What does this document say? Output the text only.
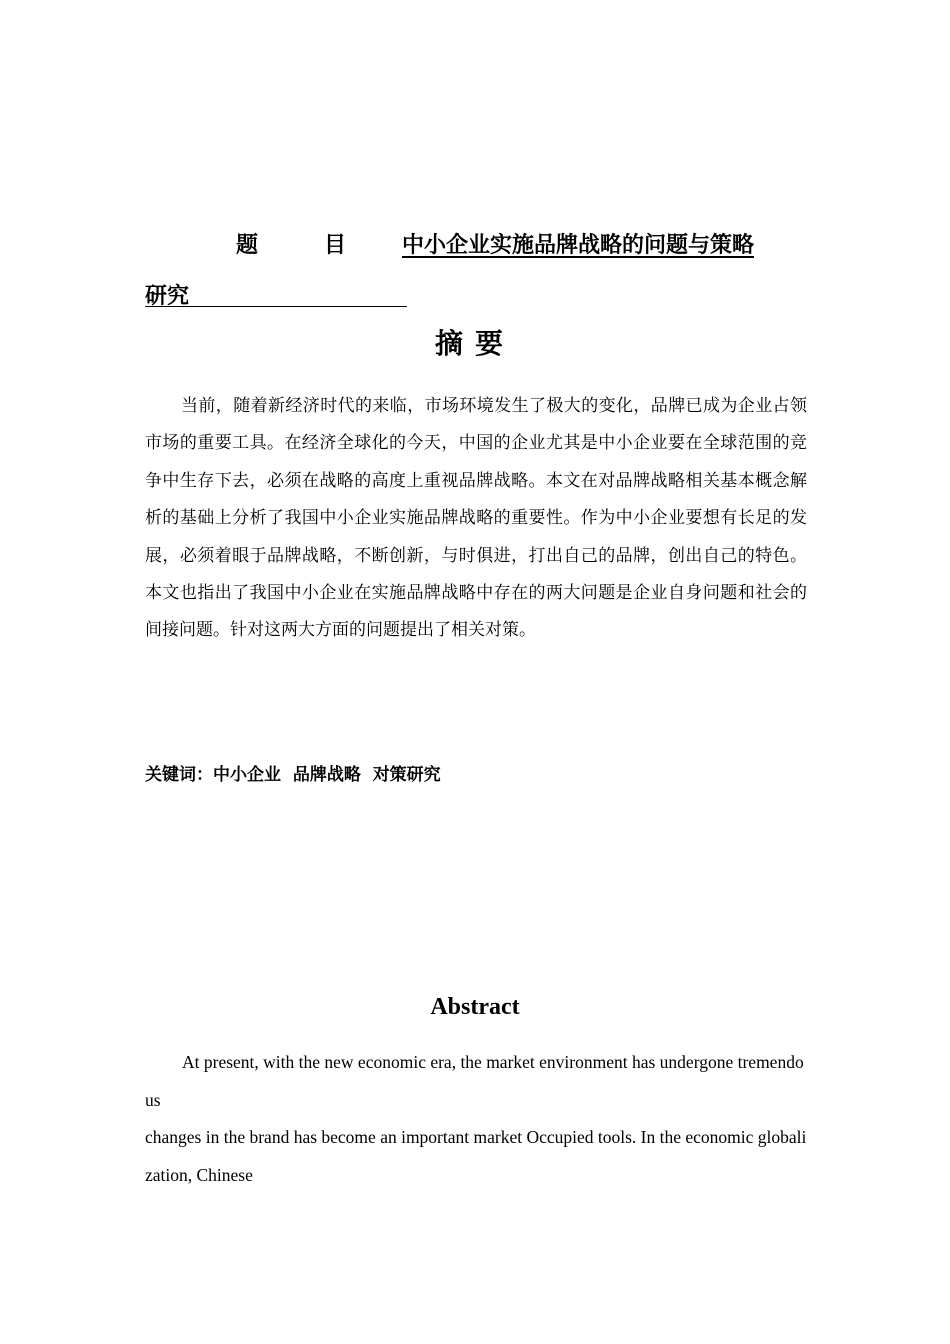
题	目	中小企业实施品牌战略的问题与策略
研究
摘要
当前，随着新经济时代的来临，市场环境发生了极大的变化，品牌已成为企业占领市场的重要工具。在经济全球化的今天，中国的企业尤其是中小企业要在全球范围的竞争中生存下去，必须在战略的高度上重视品牌战略。本文在对品牌战略相关基本概念解析的基础上分析了我国中小企业实施品牌战略的重要性。作为中小企业要想有长足的发展，必须着眼于品牌战略，不断创新，与时俱进，打出自己的品牌，创出自己的特色。本文也指出了我国中小企业在实施品牌战略中存在的两大问题是企业自身问题和社会的间接问题。针对这两大方面的问题提出了相关对策。
关键词：中小企业 品牌战略 对策研究
Abstract

At present, with the new economic era, the market environment has undergone tremendous

changes in the brand has become an important market Occupied tools. In the economic globalization, Chinese
